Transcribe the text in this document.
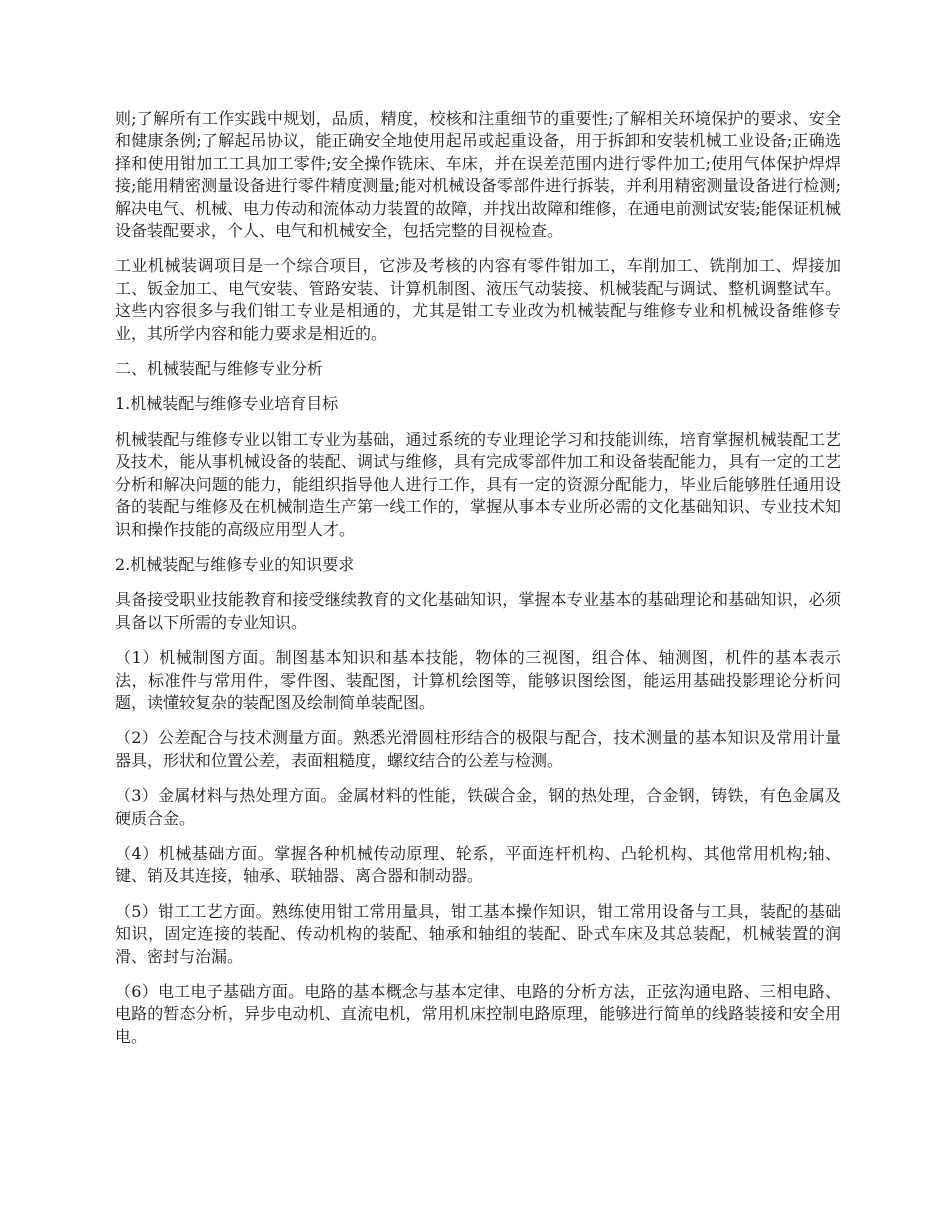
则;了解所有工作实践中规划，品质，精度，校核和注重细节的重要性;了解相关环境保护的要求、安全和健康条例;了解起吊协议，能正确安全地使用起吊或起重设备，用于拆卸和安装机械工业设备;正确选择和使用钳加工工具加工零件;安全操作铣床、车床，并在误差范围内进行零件加工;使用气体保护焊焊接;能用精密测量设备进行零件精度测量;能对机械设备零部件进行拆装，并利用精密测量设备进行检测;解决电气、机械、电力传动和流体动力装置的故障，并找出故障和维修，在通电前测试安装;能保证机械设备装配要求，个人、电气和机械安全，包括完整的目视检查。

工业机械装调项目是一个综合项目，它涉及考核的内容有零件钳加工，车削加工、铣削加工、焊接加工、钣金加工、电气安装、管路安装、计算机制图、液压气动装接、机械装配与调试、整机调整试车。这些内容很多与我们钳工专业是相通的，尤其是钳工专业改为机械装配与维修专业和机械设备维修专业，其所学内容和能力要求是相近的。

二、机械装配与维修专业分析

1.机械装配与维修专业培育目标

机械装配与维修专业以钳工专业为基础，通过系统的专业理论学习和技能训练，培育掌握机械装配工艺及技术，能从事机械设备的装配、调试与维修，具有完成零部件加工和设备装配能力，具有一定的工艺分析和解决问题的能力，能组织指导他人进行工作，具有一定的资源分配能力，毕业后能够胜任通用设备的装配与维修及在机械制造生产第一线工作的，掌握从事本专业所必需的文化基础知识、专业技术知识和操作技能的高级应用型人才。

2.机械装配与维修专业的知识要求

具备接受职业技能教育和接受继续教育的文化基础知识，掌握本专业基本的基础理论和基础知识，必须具备以下所需的专业知识。

（1）机械制图方面。制图基本知识和基本技能，物体的三视图，组合体、轴测图，机件的基本表示法，标准件与常用件，零件图、装配图，计算机绘图等，能够识图绘图，能运用基础投影理论分析问题，读懂较复杂的装配图及绘制简单装配图。

（2）公差配合与技术测量方面。熟悉光滑圆柱形结合的极限与配合，技术测量的基本知识及常用计量器具，形状和位置公差，表面粗糙度，螺纹结合的公差与检测。

（3）金属材料与热处理方面。金属材料的性能，铁碳合金，钢的热处理，合金钢，铸铁，有色金属及硬质合金。

（4）机械基础方面。掌握各种机械传动原理、轮系，平面连杆机构、凸轮机构、其他常用机构;轴、键、销及其连接，轴承、联轴器、离合器和制动器。

（5）钳工工艺方面。熟练使用钳工常用量具，钳工基本操作知识，钳工常用设备与工具，装配的基础知识，固定连接的装配、传动机构的装配、轴承和轴组的装配、卧式车床及其总装配，机械装置的润滑、密封与治漏。

（6）电工电子基础方面。电路的基本概念与基本定律、电路的分析方法，正弦沟通电路、三相电路、电路的暂态分析，异步电动机、直流电机，常用机床控制电路原理，能够进行简单的线路装接和安全用电。
